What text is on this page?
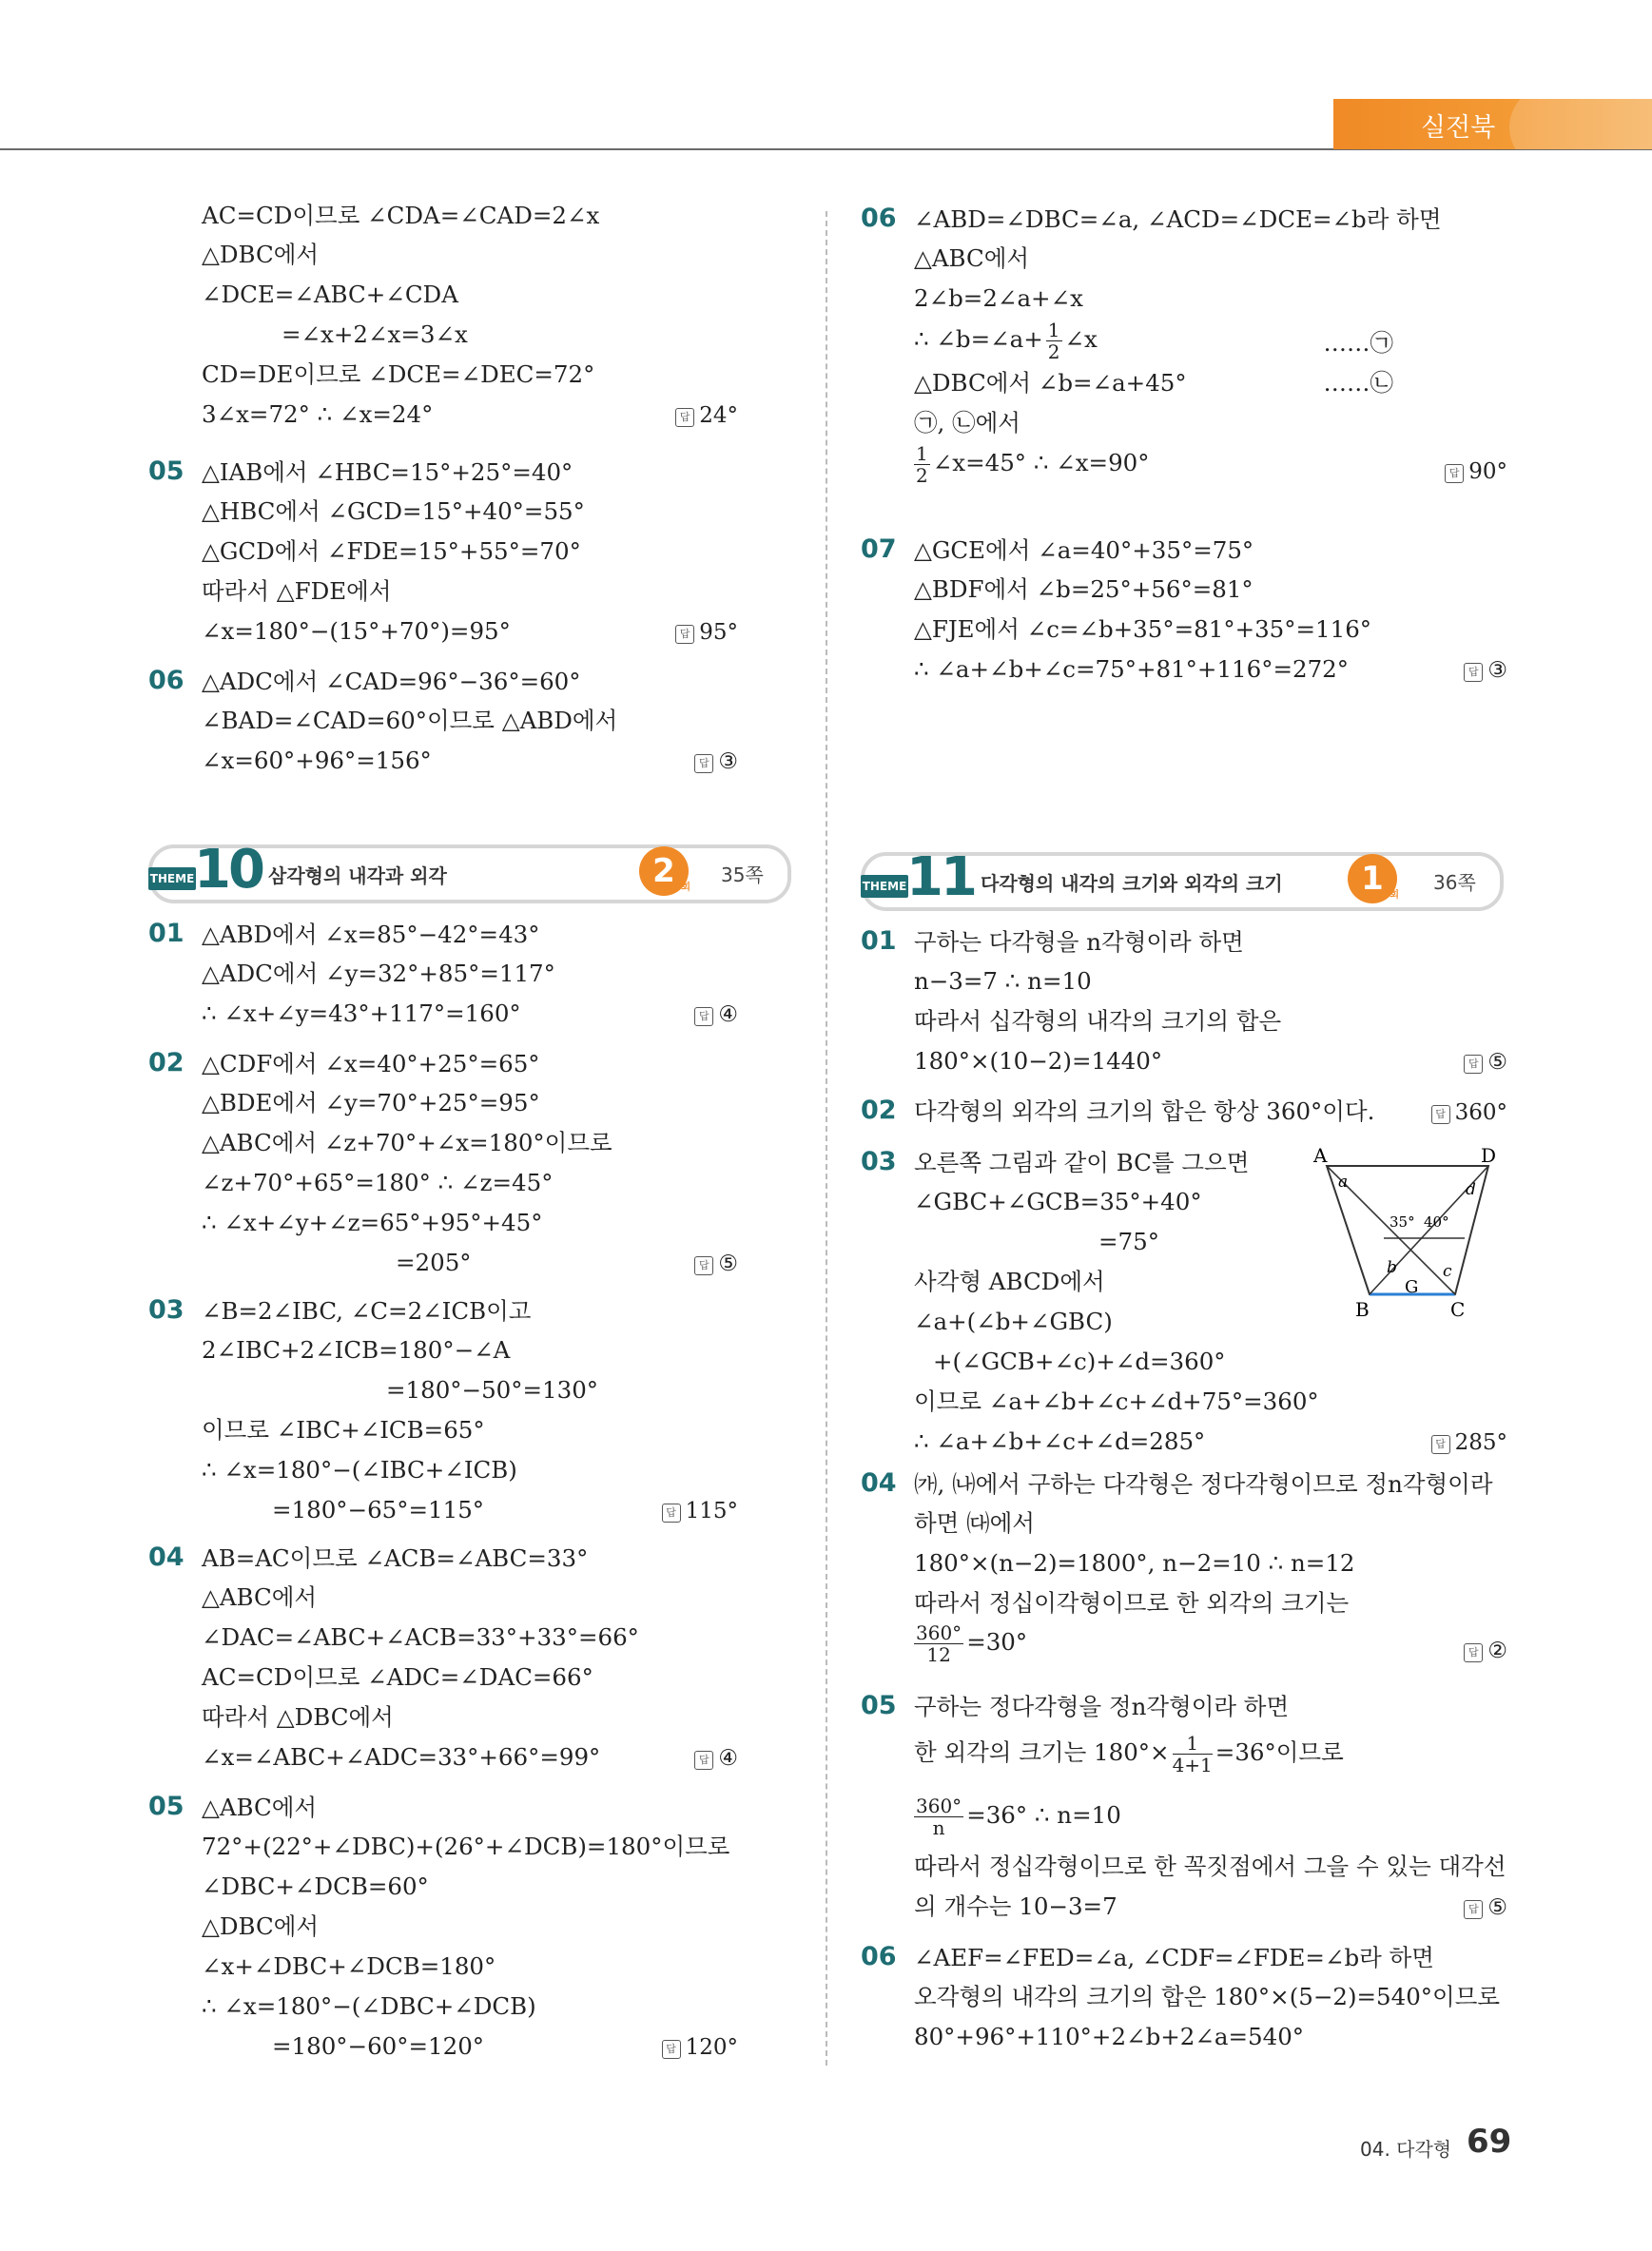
실전북
AC=CD이므로 ∠CDA=∠CAD=2∠x
△DBC에서
∠DCE=∠ABC+∠CDA
=∠x+2∠x=3∠x
CD=DE이므로 ∠DCE=∠DEC=72°
3∠x=72° ∴ ∠x=24°	답 24°
05 △IAB에서 ∠HBC=15°+25°=40°
△HBC에서 ∠GCD=15°+40°=55°
△GCD에서 ∠FDE=15°+55°=70°
따라서 △FDE에서
∠x=180°−(15°+70°)=95°	답 95°
06 △ADC에서 ∠CAD=96°−36°=60°
∠BAD=∠CAD=60°이므로 △ABD에서
∠x=60°+96°=156°	답 ③
06 ∠ABD=∠DBC=∠a, ∠ACD=∠DCE=∠b라 하면
△ABC에서
2∠b=2∠a+∠x
∴ ∠b=∠a+ $\frac{1}{2}$ ∠x	……㉠
△DBC에서 ∠b=∠a+45°	……㉡
㉠, ㉡에서
$\frac{1}{2}$ ∠x=45° ∴ ∠x=90°	답 90°
07 △GCE에서 ∠a=40°+35°=75°
△BDF에서 ∠b=25°+56°=81°
△FJE에서 ∠c=∠b+35°=81°+35°=116°
∴ ∠a+∠b+∠c=75°+81°+116°=272°	답 ③
THEME 10 삼각형의 내각과 외각	2 회
35쪽	THEME 11 다각형의 내각의 크기와 외각의 크기	1 회
36쪽
01 △ABD에서 ∠x=85°−42°=43°
△ADC에서 ∠y=32°+85°=117°
∴ ∠x+∠y=43°+117°=160°	답 ④
02 △CDF에서 ∠x=40°+25°=65°
△BDE에서 ∠y=70°+25°=95°
△ABC에서 ∠z+70°+∠x=180°이므로
∠z+70°+65°=180° ∴ ∠z=45°
∴ ∠x+∠y+∠z=65°+95°+45°
=205°	답 ⑤
03 ∠B=2∠IBC, ∠C=2∠ICB이고
2∠IBC+2∠ICB=180°−∠A
=180°−50°=130°
이므로 ∠IBC+∠ICB=65°
∴ ∠x=180°−(∠IBC+∠ICB)
=180°−65°=115°	답 115°
04 AB=AC이므로 ∠ACB=∠ABC=33°
△ABC에서
∠DAC=∠ABC+∠ACB=33°+33°=66°
AC=CD이므로 ∠ADC=∠DAC=66°
따라서 △DBC에서
∠x=∠ABC+∠ADC=33°+66°=99°	답 ④
05 △ABC에서
72°+(22°+∠DBC)+(26°+∠DCB)=180°이므로
∠DBC+∠DCB=60°
△DBC에서
∠x+∠DBC+∠DCB=180°
∴ ∠x=180°−(∠DBC+∠DCB)
=180°−60°=120°	답 120°
01 구하는 다각형을 n각형이라 하면
n−3=7 ∴ n=10
따라서 십각형의 내각의 크기의 합은
180°×(10−2)=1440°	답 ⑤
02 다각형의 외각의 크기의 합은 항상 360°이다.	답 360°
03 오른쪽 그림과 같이 BC를 그으면
∠GBC+∠GCB=35°+40°
=75°
사각형 ABCD에서
∠a+(∠b+∠GBC)
+(∠GCB+∠c)+∠d=360°
이므로 ∠a+∠b+∠c+∠d+75°=360°
∴ ∠a+∠b+∠c+∠d=285°	답 285°
A	D
B	C
G
a
b	c
d
35° 40°
04 ㈎, ㈏에서 구하는 다각형은 정다각형이므로 정n각형이라
하면 ㈐에서
180°×(n−2)=1800°, n−2=10 ∴ n=12
따라서 정십이각형이므로 한 외각의 크기는
$\frac{360^\circ}{12} =30^\circ$	답 ②
05 구하는 정다각형을 정n각형이라 하면
한 외각의 크기는 $180^\circ\times \frac{1}{4+1} =36^\circ$이므로
$\frac{360^\circ}{n} =36^\circ$ ∴ n=10
따라서 정십각형이므로 한 꼭짓점에서 그을 수 있는 대각선
의 개수는 10−3=7	답 ⑤
06 ∠AEF=∠FED=∠a, ∠CDF=∠FDE=∠b라 하면
오각형의 내각의 크기의 합은 180°×(5−2)=540°이므로
80°+96°+110°+2∠b+2∠a=540°
04. 다각형 69
